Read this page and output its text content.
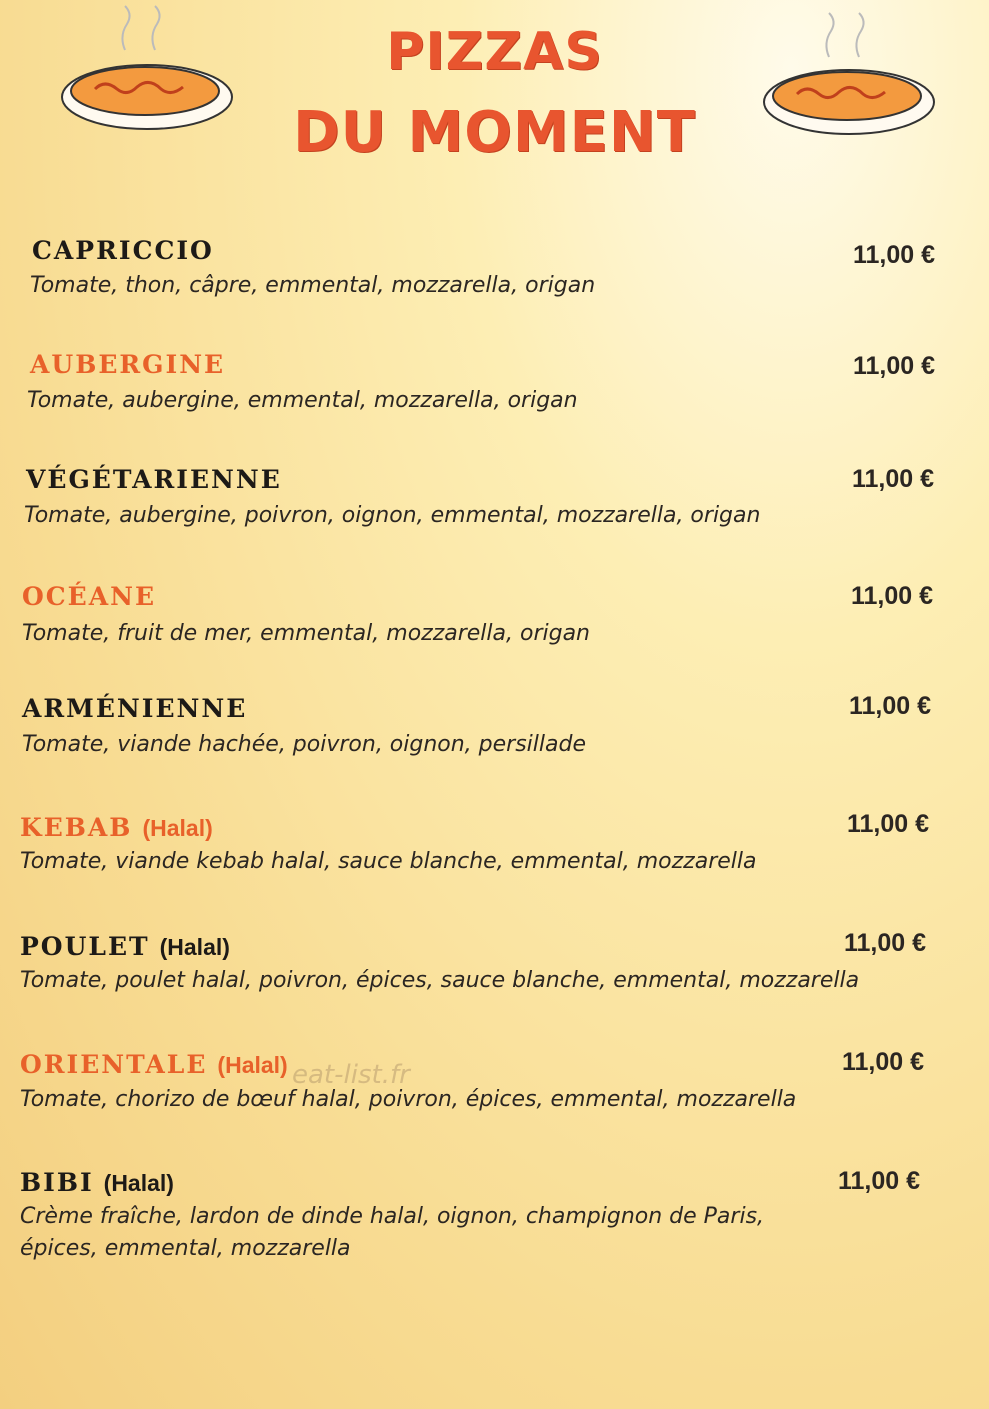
PIZZAS
DU MOMENT
CAPRICCIO
Tomate, thon, câpre, emmental, mozzarella, origan
11,00 €
AUBERGINE
Tomate, aubergine, emmental, mozzarella, origan
11,00 €
VÉGÉTARIENNE
Tomate, aubergine, poivron, oignon, emmental, mozzarella, origan
11,00 €
OCÉANE
Tomate, fruit de mer, emmental, mozzarella, origan
11,00 €
ARMÉNIENNE
Tomate, viande hachée, poivron, oignon, persillade
11,00 €
KEBAB (Halal)
Tomate, viande kebab halal, sauce blanche, emmental, mozzarella
11,00 €
POULET (Halal)
Tomate, poulet halal, poivron, épices, sauce blanche, emmental, mozzarella
11,00 €
ORIENTALE (Halal)
Tomate, chorizo de bœuf halal, poivron, épices, emmental, mozzarella
11,00 €
BIBI (Halal)
Crème fraîche, lardon de dinde halal, oignon, champignon de Paris,
épices, emmental, mozzarella
11,00 €
eat-list.fr
